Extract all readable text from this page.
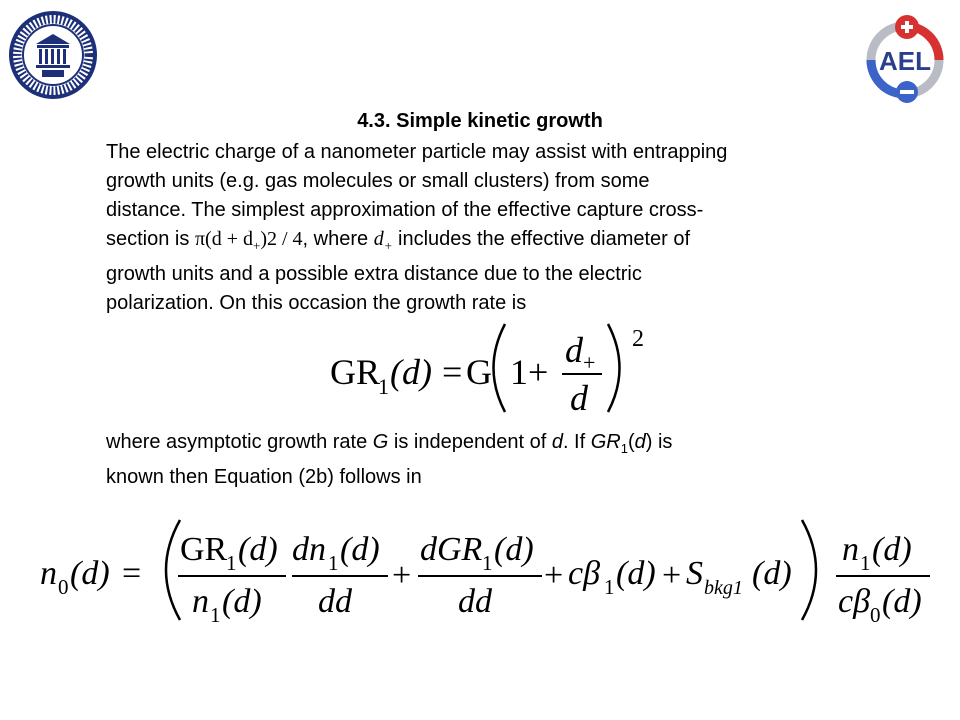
AEL
4.3. Simple kinetic growth
The electric charge of a nanometer particle may assist with entrapping
growth units (e.g. gas molecules or small clusters) from some
distance. The simplest approximation of the effective capture cross-
section is $\pi(d + d_+)2 / 4$, where $d_+$ includes the effective diameter of
growth units and a possible extra distance due to the electric
polarization. On this occasion the growth rate is
GR
1 (d) = G 1 +
d +
d
2
where asymptotic growth rate G is independent of d. If $GR_1(d)$ is
known then Equation (2b) follows in
n 0 (d) =
GR
1 (d)
n 1 (d)
dn 1 (d)
dd
+
dGR 1 (d)
dd
+ cβ 1 (d) + S bkg1 (d)
n 1 (d)
cβ 0 (d)
